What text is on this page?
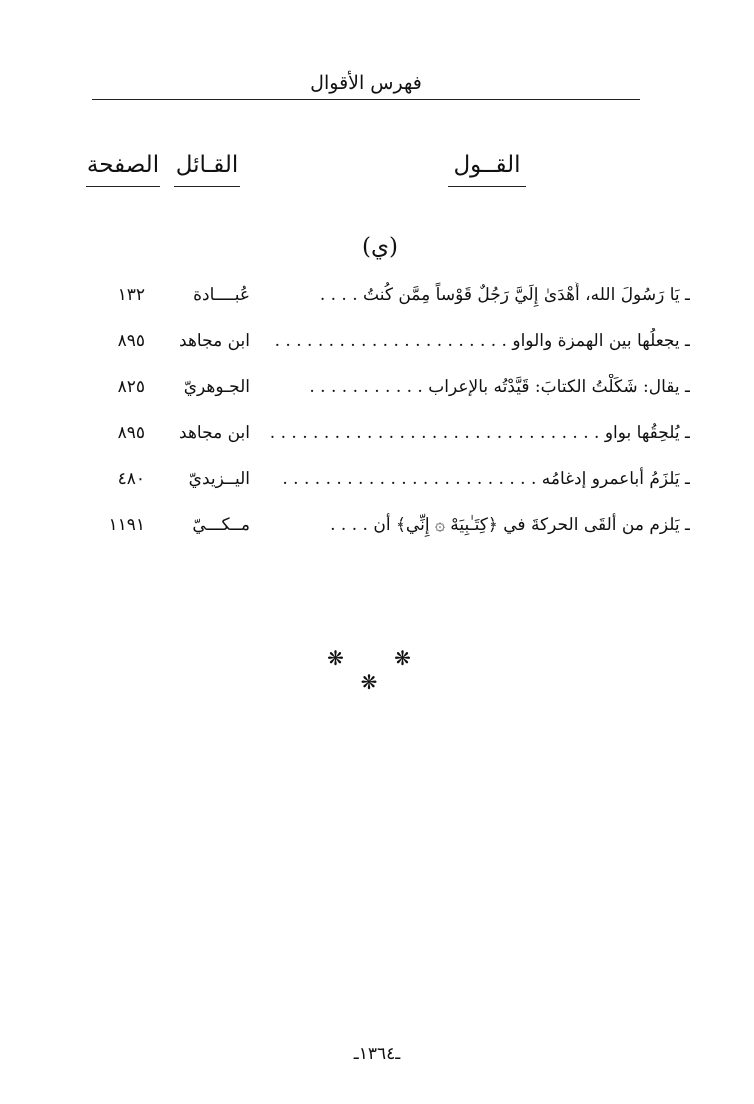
فهرس الأقوال
القــول
القـائل
الصفحة
(ي)
ـ يَا رَسُولَ الله، أَهْدَىٰ إِلَيَّ رَجُلٌ قَوْساً مِمَّن كُنتُ . . . .
عُبــــادة
١٣٢
ـ يجعلُها بين الهمزة والواو . . . . . . . . . . . . . . . . . . . . . .
ابن مجاهد
٨٩٥
ـ يقال: شَكَلْتُ الكتابَ: قَيَّدْتُه بالإعراب . . . . . . . . . . .
الجـوهريّ
٨٢٥
ـ يُلحِقُها بواو . . . . . . . . . . . . . . . . . . . . . . . . . . . . . . .
ابن مجاهد
٨٩٥
ـ يَلزَمُ أباعمرو إدغامُه . . . . . . . . . . . . . . . . . . . . . . . .
اليــزيديّ
٤٨٠
ـ يَلزم من ألقَى الحركةَ في ﴿كِتَـٰبِيَهْ ۞ إِنِّي﴾ أن . . . .
مــكـــيّ
١١٩١
❋ ❋ ❋
ـ١٣٦٤ـ
